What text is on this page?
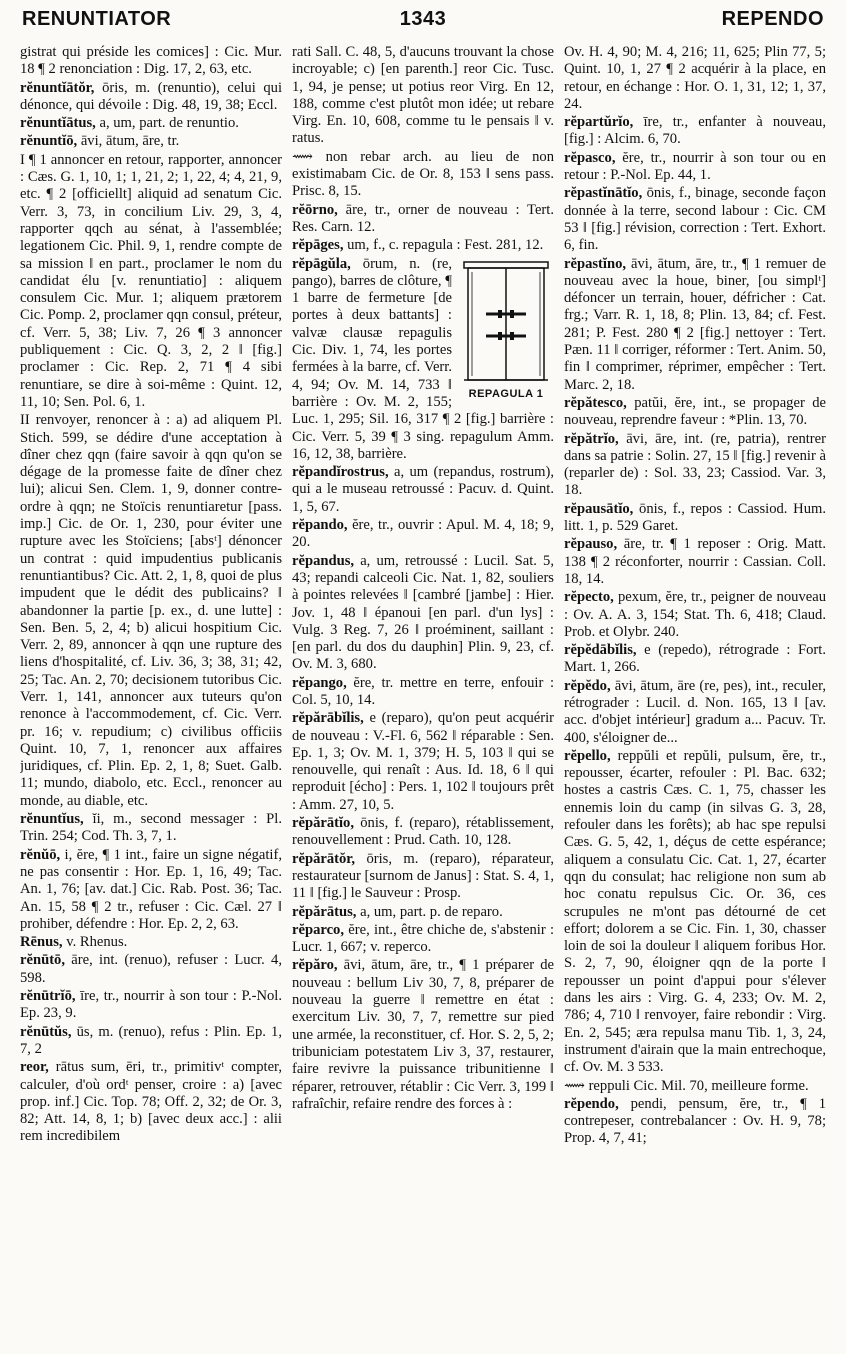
RENUNTIATOR	1343	REPENDO

gistrat qui préside les comices] : Cic. Mur. 18 ¶ 2 renonciation : Dig. 17, 2, 63, etc.

rĕnuntĭātŏr, ōris, m. (renuntio), celui qui dénonce, qui dévoile : Dig. 48, 19, 38; Eccl.

rĕnuntĭātus, a, um, part. de renuntio.

rĕnuntĭō, āvi, ātum, āre, tr.

I ¶ 1 annoncer en retour, rapporter, annoncer : Cæs. G. 1, 10, 1; 1, 21, 2; 1, 22, 4; 4, 21, 9, etc. ¶ 2 [officiellt] aliquid ad senatum Cic. Verr. 3, 73, in concilium Liv. 29, 3, 4, rapporter qqch au sénat, à l'assemblée; legationem Cic. Phil. 9, 1, rendre compte de sa mission ǁ en part., proclamer le nom du candidat élu [v. renuntiatio] : aliquem consulem Cic. Mur. 1; aliquem prætorem Cic. Pomp. 2, proclamer qqn consul, préteur, cf. Verr. 5, 38; Liv. 7, 26 ¶ 3 annoncer publiquement : Cic. Q. 3, 2, 2 ǁ [fig.] proclamer : Cic. Rep. 2, 71 ¶ 4 sibi renuntiare, se dire à soi-même : Quint. 12, 11, 10; Sen. Pol. 6, 1.

II renvoyer, renoncer à : a) ad aliquem Pl. Stich. 599, se dédire d'une acceptation à dîner chez qqn (faire savoir à qqn qu'on se dégage de la promesse faite de dîner chez lui); alicui Sen. Clem. 1, 9, donner contre-ordre à qqn; ne Stoïcis renuntiaretur [pass. imp.] Cic. de Or. 1, 230, pour éviter une rupture avec les Stoïciens; [absᵗ] dénoncer un contrat : quid impudentius publicanis renuntiantibus? Cic. Att. 2, 1, 8, quoi de plus impudent que le dédit des publicains? ǁ abandonner la partie [p. ex., d. une lutte] : Sen. Ben. 5, 2, 4; b) alicui hospitium Cic. Verr. 2, 89, annoncer à qqn une rupture des liens d'hospitalité, cf. Liv. 36, 3; 38, 31; 42, 25; Tac. An. 2, 70; decisionem tutoribus Cic. Verr. 1, 141, annoncer aux tuteurs qu'on renonce à l'accommodement, cf. Cic. Verr. pr. 16; v. repudium; c) civilibus officiis Quint. 10, 7, 1, renoncer aux affaires juridiques, cf. Plin. Ep. 2, 1, 8; Suet. Galb. 11; mundo, diabolo, etc. Eccl., renoncer au monde, au diable, etc.

rĕnuntĭus, ĭi, m., second messager : Pl. Trin. 254; Cod. Th. 3, 7, 1.

rĕnŭō, i, ĕre, ¶ 1 int., faire un signe négatif, ne pas consentir : Hor. Ep. 1, 16, 49; Tac. An. 1, 76; [av. dat.] Cic. Rab. Post. 36; Tac. An. 15, 58 ¶ 2 tr., refuser : Cic. Cæl. 27 ǁ prohiber, défendre : Hor. Ep. 2, 2, 63.

Rēnus, v. Rhenus.

rĕnūtō, āre, int. (renuo), refuser : Lucr. 4, 598.

rĕnūtrĭō, īre, tr., nourrir à son tour : P.-Nol. Ep. 23, 9.

rĕnūtŭs, ūs, m. (renuo), refus : Plin. Ep. 1, 7, 2

reor, rātus sum, ēri, tr., primitivᵗ compter, calculer, d'où ordᵗ penser, croire : a) [avec prop. inf.] Cic. Top. 78; Off. 2, 32; de Or. 3, 82; Att. 14, 8, 1; b) [avec deux acc.] : alii rem incredibilem

rati Sall. C. 48, 5, d'aucuns trouvant la chose incroyable; c) [en parenth.] reor Cic. Tusc. 1, 94, je pense; ut potius reor Virg. En 12, 188, comme c'est plutôt mon idée; ut rebare Virg. En. 10, 608, comme tu le pensais ǁ v. ratus.

⟿ non rebar arch. au lieu de non existimabam Cic. de Or. 8, 153 ǁ sens pass. Prisc. 8, 15.

rĕōrno, āre, tr., orner de nouveau : Tert. Res. Carn. 12.

rĕpāges, um, f., c. repagula : Fest. 281, 12.

REPAGULA 1
rĕpāgŭla, ōrum, n. (re, pango), barres de clôture, ¶ 1 barre de fermeture [de portes à deux battants] : valvæ clausæ repagulis Cic. Div. 1, 74, les portes fermées à la barre, cf. Verr. 4, 94; Ov. M. 14, 733 ǁ barrière : Ov. M. 2, 155; Luc. 1, 295; Sil. 16, 317 ¶ 2 [fig.] barrière : Cic. Verr. 5, 39 ¶ 3 sing. repagulum Amm. 16, 12, 38, barrière.

rĕpandĭrostrus, a, um (repandus, rostrum), qui a le museau retroussé : Pacuv. d. Quint. 1, 5, 67.

rĕpando, ĕre, tr., ouvrir : Apul. M. 4, 18; 9, 20.

rĕpandus, a, um, retroussé : Lucil. Sat. 5, 43; repandi calceoli Cic. Nat. 1, 82, souliers à pointes relevées ǁ [cambré [jambe] : Hier. Jov. 1, 48 ǁ épanoui [en parl. d'un lys] : Vulg. 3 Reg. 7, 26 ǁ proéminent, saillant : [en parl. du dos du dauphin] Plin. 9, 23, cf. Ov. M. 3, 680.

rĕpango, ĕre, tr. mettre en terre, enfouir : Col. 5, 10, 14.

rĕpărābĭlis, e (reparo), qu'on peut acquérir de nouveau : V.-Fl. 6, 562 ǁ réparable : Sen. Ep. 1, 3; Ov. M. 1, 379; H. 5, 103 ǁ qui se renouvelle, qui renaît : Aus. Id. 18, 6 ǁ qui reproduit [écho] : Pers. 1, 102 ǁ toujours prêt : Amm. 27, 10, 5.

rĕpărātĭo, ōnis, f. (reparo), rétablissement, renouvellement : Prud. Cath. 10, 128.

rĕpărātŏr, ōris, m. (reparo), réparateur, restaurateur [surnom de Janus] : Stat. S. 4, 1, 11 ǁ [fig.] le Sauveur : Prosp.

rĕpărātus, a, um, part. p. de reparo.

rĕparco, ĕre, int., être chiche de, s'abstenir : Lucr. 1, 667; v. reperco.

rĕpăro, āvi, ātum, āre, tr., ¶ 1 préparer de nouveau : bellum Liv 30, 7, 8, préparer de nouveau la guerre ǁ remettre en état : exercitum Liv. 30, 7, 7, remettre sur pied une armée, la reconstituer, cf. Hor. S. 2, 5, 2; tribuniciam potestatem Liv 3, 37, restaurer, faire revivre la puissance tribunitienne ǁ réparer, retrouver, rétablir : Cic Verr. 3, 199 ǁ rafraîchir, refaire rendre des forces à :

Ov. H. 4, 90; M. 4, 216; 11, 625; Plin 77, 5; Quint. 10, 1, 27 ¶ 2 acquérir à la place, en retour, en échange : Hor. O. 1, 31, 12; 1, 37, 24.

rĕpartŭrĭo, īre, tr., enfanter à nouveau, [fig.] : Alcim. 6, 70.

rĕpasco, ĕre, tr., nourrir à son tour ou en retour : P.-Nol. Ep. 44, 1.

rĕpastĭnātĭo, ōnis, f., binage, seconde façon donnée à la terre, second labour : Cic. CM 53 ǁ [fig.] révision, correction : Tert. Exhort. 6, fin.

rĕpastĭno, āvi, ātum, āre, tr., ¶ 1 remuer de nouveau avec la houe, biner, [ou simplᵗ] défoncer un terrain, houer, défricher : Cat. frg.; Varr. R. 1, 18, 8; Plin. 13, 84; cf. Fest. 281; P. Fest. 280 ¶ 2 [fig.] nettoyer : Tert. Pæn. 11 ǁ corriger, réformer : Tert. Anim. 50, fin ǁ comprimer, réprimer, empêcher : Tert. Marc. 2, 18.

rĕpătesco, patŭi, ĕre, int., se propager de nouveau, reprendre faveur : *Plin. 13, 70.

rĕpătrĭo, āvi, āre, int. (re, patria), rentrer dans sa patrie : Solin. 27, 15 ǁ [fig.] revenir à (reparler de) : Sol. 33, 23; Cassiod. Var. 3, 18.

rĕpausātĭo, ōnis, f., repos : Cassiod. Hum. litt. 1, p. 529 Garet.

rĕpauso, āre, tr. ¶ 1 reposer : Orig. Matt. 138 ¶ 2 réconforter, nourrir : Cassian. Coll. 18, 14.

rĕpecto, pexum, ĕre, tr., peigner de nouveau : Ov. A. A. 3, 154; Stat. Th. 6, 418; Claud. Prob. et Olybr. 240.

rĕpĕdābĭlis, e (repedo), rétrograde : Fort. Mart. 1, 266.

rĕpĕdo, āvi, ātum, āre (re, pes), int., reculer, rétrograder : Lucil. d. Non. 165, 13 ǁ [av. acc. d'objet intérieur] gradum a... Pacuv. Tr. 400, s'éloigner de...

rĕpello, reppŭli et repŭli, pulsum, ĕre, tr., repousser, écarter, refouler : Pl. Bac. 632; hostes a castris Cæs. C. 1, 75, chasser les ennemis loin du camp (in silvas G. 3, 28, refouler dans les forêts); ab hac spe repulsi Cæs. G. 5, 42, 1, déçus de cette espérance; aliquem a consulatu Cic. Cat. 1, 27, écarter qqn du consulat; hac religione non sum ab hoc conatu repulsus Cic. Or. 36, ces scrupules ne m'ont pas détourné de cet effort; dolorem a se Cic. Fin. 1, 30, chasser loin de soi la douleur ǁ aliquem foribus Hor. S. 2, 7, 90, éloigner qqn de la porte ǁ repousser un point d'appui pour s'élever dans les airs : Virg. G. 4, 233; Ov. M. 2, 786; 4, 710 ǁ renvoyer, faire rebondir : Virg. En. 2, 545; æra repulsa manu Tib. 1, 3, 24, instrument d'airain que la main entrechoque, cf. Ov. M. 3 533.

⟿ reppuli Cic. Mil. 70, meilleure forme.

rĕpendo, pendi, pensum, ĕre, tr., ¶ 1 contrepeser, contrebalancer : Ov. H. 9, 78; Prop. 4, 7, 41;
